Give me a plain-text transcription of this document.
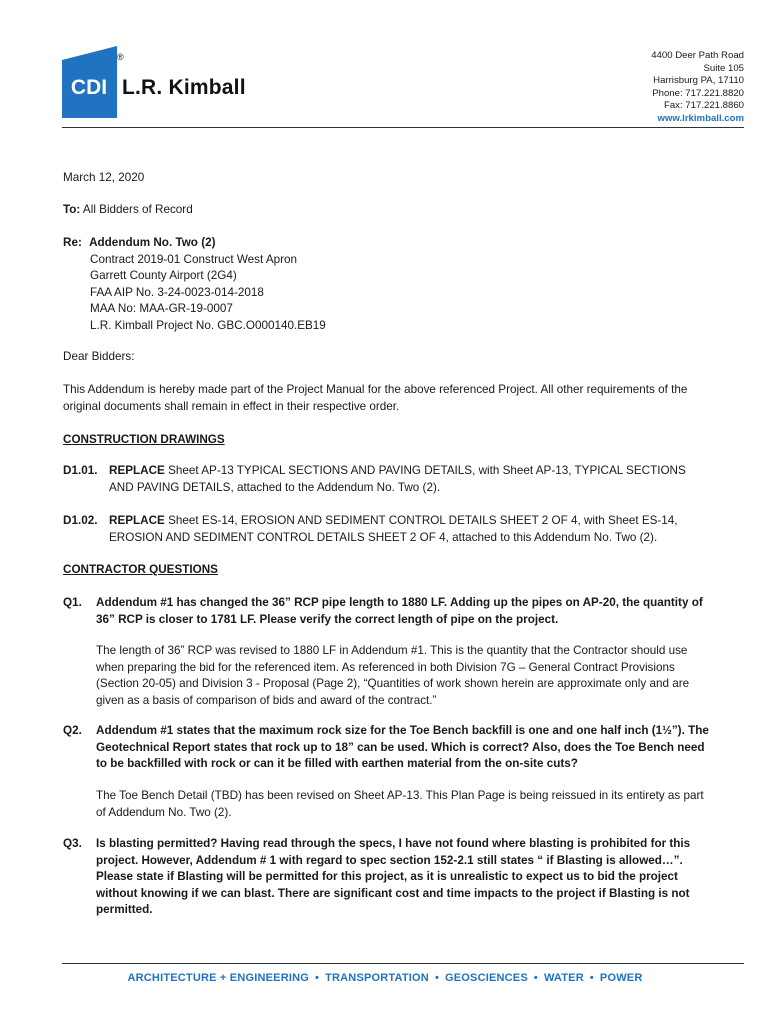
CDI
®
L.R. Kimball
4400 Deer Path Road
Suite 105
Harrisburg PA, 17110
Phone: 717.221.8820
Fax: 717.221.8860
www.lrkimball.com
March 12, 2020
To: All Bidders of Record
Re: Addendum No. Two (2)
Contract 2019-01 Construct West Apron
Garrett County Airport (2G4)
FAA AIP No. 3-24-0023-014-2018
MAA No: MAA-GR-19-0007
L.R. Kimball Project No. GBC.O000140.EB19
Dear Bidders:
This Addendum is hereby made part of the Project Manual for the above referenced Project. All other requirements of the original documents shall remain in effect in their respective order.
CONSTRUCTION DRAWINGS
D1.01. REPLACE Sheet AP-13 TYPICAL SECTIONS AND PAVING DETAILS, with Sheet AP-13, TYPICAL SECTIONS AND PAVING DETAILS, attached to the Addendum No. Two (2).
D1.02. REPLACE Sheet ES-14, EROSION AND SEDIMENT CONTROL DETAILS SHEET 2 OF 4, with Sheet ES-14, EROSION AND SEDIMENT CONTROL DETAILS SHEET 2 OF 4, attached to this Addendum No. Two (2).
CONTRACTOR QUESTIONS
Q1.	Addendum #1 has changed the 36” RCP pipe length to 1880 LF. Adding up the pipes on AP-20, the quantity of 36” RCP is closer to 1781 LF. Please verify the correct length of pipe on the project.
The length of 36” RCP was revised to 1880 LF in Addendum #1. This is the quantity that the Contractor should use when preparing the bid for the referenced item. As referenced in both Division 7G – General Contract Provisions (Section 20-05) and Division 3 - Proposal (Page 2), “Quantities of work shown herein are approximate only and are given as a basis of comparison of bids and award of the contract.”
Q2.	Addendum #1 states that the maximum rock size for the Toe Bench backfill is one and one half inch (1½”). The Geotechnical Report states that rock up to 18” can be used. Which is correct? Also, does the Toe Bench need to be backfilled with rock or can it be filled with earthen material from the on-site cuts?
The Toe Bench Detail (TBD) has been revised on Sheet AP-13. This Plan Page is being reissued in its entirety as part of Addendum No. Two (2).
Q3.	Is blasting permitted? Having read through the specs, I have not found where blasting is prohibited for this project. However, Addendum # 1 with regard to spec section 152-2.1 still states “ if Blasting is allowed…”. Please state if Blasting will be permitted for this project, as it is unrealistic to expect us to bid the project without knowing if we can blast. There are significant cost and time impacts to the project if Blasting is not permitted.
ARCHITECTURE + ENGINEERING • TRANSPORTATION • GEOSCIENCES • WATER • POWER
